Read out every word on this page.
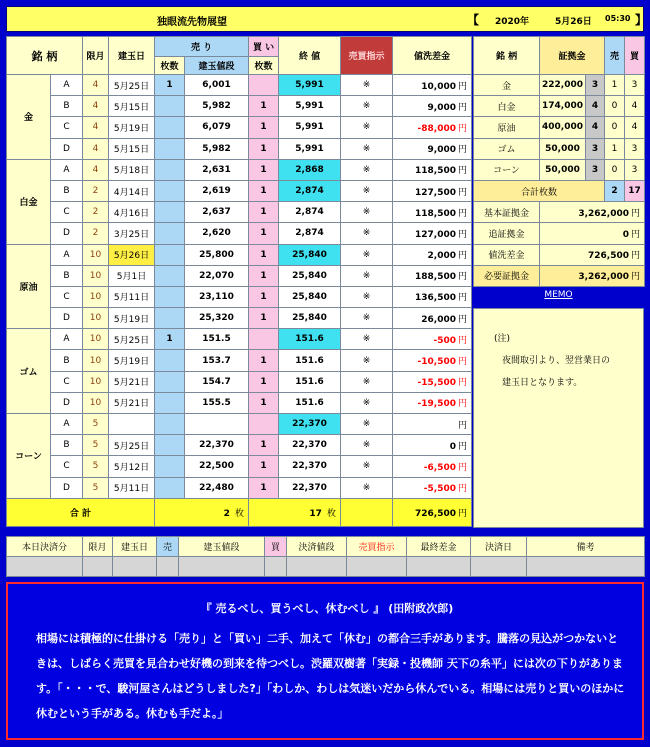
独眼流先物展望	【 2020年	5月26日 05:30 】
銘 柄		限月	建玉日	売 り		買 い	終 値	売買指示	値洗差金
				枚数	建玉値段	枚数			
金	A	4	5月25日	1	6,001		5,991	※	10,000 円
	B	4	5月15日		5,982	1	5,991	※	9,000 円
	C	4	5月19日		6,079	1	5,991	※	-88,000 円
	D	4	5月15日		5,982	1	5,991	※	9,000 円
白金	A	4	5月18日		2,631	1	2,868	※	118,500 円
	B	2	4月14日		2,619	1	2,874	※	127,500 円
	C	2	4月16日		2,637	1	2,874	※	118,500 円
	D	2	3月25日		2,620	1	2,874	※	127,000 円
原油	A	10	5月26日		25,800	1	25,840	※	2,000 円
	B	10	5月1日		22,070	1	25,840	※	188,500 円
	C	10	5月11日		23,110	1	25,840	※	136,500 円
	D	10	5月19日		25,320	1	25,840	※	26,000 円
ゴム	A	10	5月25日	1	151.5		151.6	※	-500 円
	B	10	5月19日		153.7	1	151.6	※	-10,500 円
	C	10	5月21日		154.7	1	151.6	※	-15,500 円
	D	10	5月21日		155.5	1	151.6	※	-19,500 円
コーン	A	5					22,370	※	円
	B	5	5月25日		22,370	1	22,370	※	0 円
	C	5	5月12日		22,500	1	22,370	※	-6,500 円
	D	5	5月11日		22,480	1	22,370	※	-5,500 円
合 計				2 枚		17 枚			726,500 円
銘 柄	証拠金		売	買
金	222,000	3	1	3
白金	174,000	4	0	4
原油	400,000	4	0	4
ゴム	50,000	3	1	3
コーン	50,000	3	0	3
合計枚数			2	17
基本証拠金	3,262,000 円			
追証拠金	0 円			
値洗差金	726,500 円			
必要証拠金	3,262,000 円			
MEMO
(注)
夜間取引より、翌営業日の
建玉日となります。
本日決済分	限月	建玉日	売	建玉値段	買	決済値段	売買指示	最終差金	決済日	備考

『 売るべし、買うべし、休むべし 』 (田附政次郎)
相場には積極的に仕掛ける「売り」と「買い」二手、加えて「休む」の都合三手があります。騰落の見込がつかないときは、しばらく売買を見合わせ好機の到来を待つべし。渋羅双樹著「実録・投機師 天下の糸平」には次の下りがあります。「・・・で、駿河屋さんはどうしました?」「わしか、わしは気迷いだから休んでいる。相場には売りと買いのほかに休むという手がある。休むも手だよ。」
